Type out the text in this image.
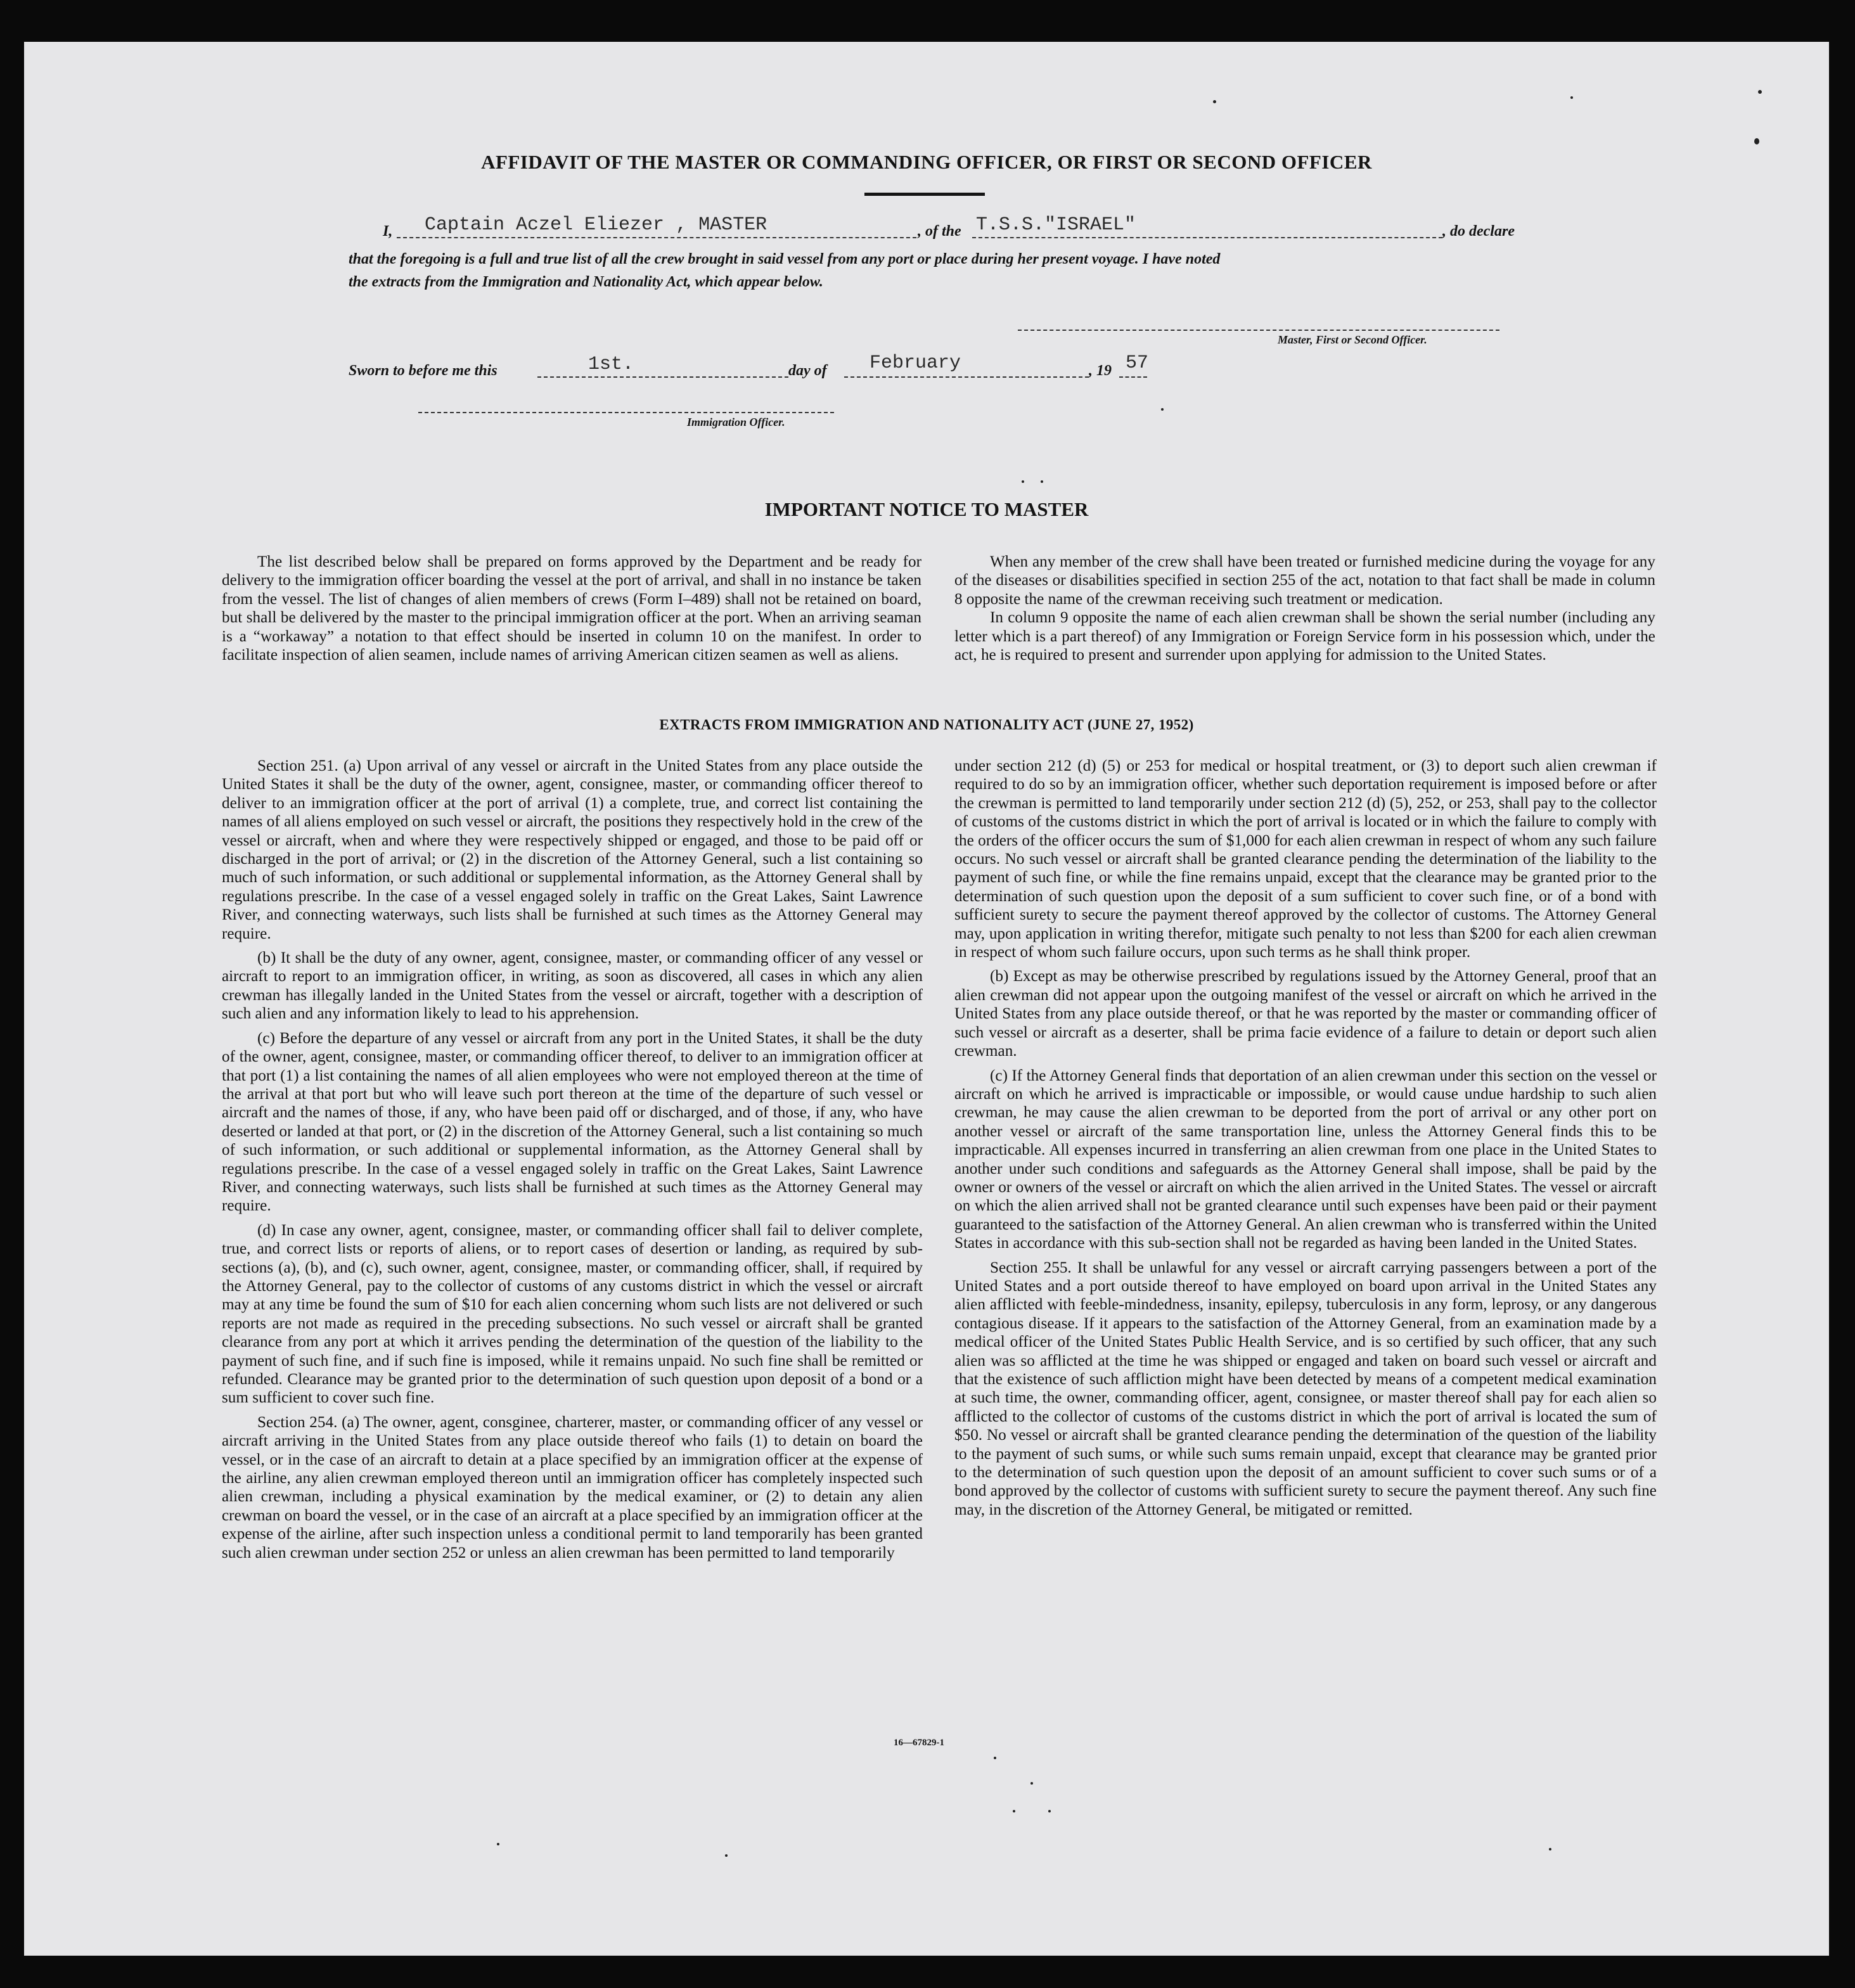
AFFIDAVIT OF THE MASTER OR COMMANDING OFFICER, OR FIRST OR SECOND OFFICER
I, Captain Aczel Eliezer , MASTER	, of the T.S.S."ISRAEL"	, do declare
that the foregoing is a full and true list of all the crew brought in said vessel from any port or place during her present voyage. I have noted
the extracts from the Immigration and Nationality Act, which appear below.
Master, First or Second Officer.
Sworn to before me this	1st.	day of February	, 19 57
Immigration Officer.
IMPORTANT NOTICE TO MASTER

The list described below shall be prepared on forms approved by the Department and be ready for delivery to the immigration officer boarding the vessel at the port of arrival, and shall in no instance be taken from the vessel. The list of changes of alien members of crews (Form I–489) shall not be retained on board, but shall be delivered by the master to the principal immigration officer at the port. When an arriving seaman is a “workaway” a notation to that effect should be inserted in column 10 on the manifest. In order to facilitate inspection of alien seamen, include names of arriving American citizen seamen as well as aliens.

When any member of the crew shall have been treated or furnished medicine during the voyage for any of the diseases or disabilities specified in section 255 of the act, notation to that fact shall be made in column 8 opposite the name of the crewman receiving such treatment or medication.

In column 9 opposite the name of each alien crewman shall be shown the serial number (including any letter which is a part thereof) of any Immigration or Foreign Service form in his possession which, under the act, he is required to present and surrender upon applying for admission to the United States.

EXTRACTS FROM IMMIGRATION AND NATIONALITY ACT (JUNE 27, 1952)

Section 251. (a) Upon arrival of any vessel or aircraft in the United States from any place outside the United States it shall be the duty of the owner, agent, consignee, master, or commanding officer thereof to deliver to an immigration officer at the port of arrival (1) a complete, true, and correct list containing the names of all aliens employed on such vessel or aircraft, the positions they respectively hold in the crew of the vessel or aircraft, when and where they were respectively shipped or engaged, and those to be paid off or discharged in the port of arrival; or (2) in the discretion of the Attorney General, such a list containing so much of such information, or such additional or supplemental information, as the Attorney General shall by regulations prescribe. In the case of a vessel engaged solely in traffic on the Great Lakes, Saint Lawrence River, and connecting waterways, such lists shall be furnished at such times as the Attorney General may require.

(b) It shall be the duty of any owner, agent, consignee, master, or commanding officer of any vessel or aircraft to report to an immigration officer, in writing, as soon as discovered, all cases in which any alien crewman has illegally landed in the United States from the vessel or aircraft, together with a description of such alien and any information likely to lead to his apprehension.

(c) Before the departure of any vessel or aircraft from any port in the United States, it shall be the duty of the owner, agent, consignee, master, or commanding officer thereof, to deliver to an immigration officer at that port (1) a list containing the names of all alien employees who were not employed thereon at the time of the arrival at that port but who will leave such port thereon at the time of the departure of such vessel or aircraft and the names of those, if any, who have been paid off or discharged, and of those, if any, who have deserted or landed at that port, or (2) in the discretion of the Attorney General, such a list containing so much of such information, or such additional or supplemental information, as the Attorney General shall by regulations prescribe. In the case of a vessel engaged solely in traffic on the Great Lakes, Saint Lawrence River, and connecting waterways, such lists shall be furnished at such times as the Attorney General may require.

(d) In case any owner, agent, consignee, master, or commanding officer shall fail to deliver complete, true, and correct lists or reports of aliens, or to report cases of desertion or landing, as required by sub-sections (a), (b), and (c), such owner, agent, consignee, master, or commanding officer, shall, if required by the Attorney General, pay to the collector of customs of any customs district in which the vessel or aircraft may at any time be found the sum of $10 for each alien concerning whom such lists are not delivered or such reports are not made as required in the preceding subsections. No such vessel or aircraft shall be granted clearance from any port at which it arrives pending the determination of the question of the liability to the payment of such fine, and if such fine is imposed, while it remains unpaid. No such fine shall be remitted or refunded. Clearance may be granted prior to the determination of such question upon deposit of a bond or a sum sufficient to cover such fine.

Section 254. (a) The owner, agent, consginee, charterer, master, or commanding officer of any vessel or aircraft arriving in the United States from any place outside thereof who fails (1) to detain on board the vessel, or in the case of an aircraft to detain at a place specified by an immigration officer at the expense of the airline, any alien crewman employed thereon until an immigration officer has completely inspected such alien crewman, including a physical examination by the medical examiner, or (2) to detain any alien crewman on board the vessel, or in the case of an aircraft at a place specified by an immigration officer at the expense of the airline, after such inspection unless a conditional permit to land temporarily has been granted such alien crewman under section 252 or unless an alien crewman has been permitted to land temporarily

under section 212 (d) (5) or 253 for medical or hospital treatment, or (3) to deport such alien crewman if required to do so by an immigration officer, whether such deportation requirement is imposed before or after the crewman is permitted to land temporarily under section 212 (d) (5), 252, or 253, shall pay to the collector of customs of the customs district in which the port of arrival is located or in which the failure to comply with the orders of the officer occurs the sum of $1,000 for each alien crewman in respect of whom any such failure occurs. No such vessel or aircraft shall be granted clearance pending the determination of the liability to the payment of such fine, or while the fine remains unpaid, except that the clearance may be granted prior to the determination of such question upon the deposit of a sum sufficient to cover such fine, or of a bond with sufficient surety to secure the payment thereof approved by the collector of customs. The Attorney General may, upon application in writing therefor, mitigate such penalty to not less than $200 for each alien crewman in respect of whom such failure occurs, upon such terms as he shall think proper.

(b) Except as may be otherwise prescribed by regulations issued by the Attorney General, proof that an alien crewman did not appear upon the outgoing manifest of the vessel or aircraft on which he arrived in the United States from any place outside thereof, or that he was reported by the master or commanding officer of such vessel or aircraft as a deserter, shall be prima facie evidence of a failure to detain or deport such alien crewman.

(c) If the Attorney General finds that deportation of an alien crewman under this section on the vessel or aircraft on which he arrived is impracticable or impossible, or would cause undue hardship to such alien crewman, he may cause the alien crewman to be deported from the port of arrival or any other port on another vessel or aircraft of the same transportation line, unless the Attorney General finds this to be impracticable. All expenses incurred in transferring an alien crewman from one place in the United States to another under such conditions and safeguards as the Attorney General shall impose, shall be paid by the owner or owners of the vessel or aircraft on which the alien arrived in the United States. The vessel or aircraft on which the alien arrived shall not be granted clearance until such expenses have been paid or their payment guaranteed to the satisfaction of the Attorney General. An alien crewman who is transferred within the United States in accordance with this sub-section shall not be regarded as having been landed in the United States.

Section 255. It shall be unlawful for any vessel or aircraft carrying passengers between a port of the United States and a port outside thereof to have employed on board upon arrival in the United States any alien afflicted with feeble-mindedness, insanity, epilepsy, tuberculosis in any form, leprosy, or any dangerous contagious disease. If it appears to the satisfaction of the Attorney General, from an examination made by a medical officer of the United States Public Health Service, and is so certified by such officer, that any such alien was so afflicted at the time he was shipped or engaged and taken on board such vessel or aircraft and that the existence of such affliction might have been detected by means of a competent medical examination at such time, the owner, commanding officer, agent, consignee, or master thereof shall pay for each alien so afflicted to the collector of customs of the customs district in which the port of arrival is located the sum of $50. No vessel or aircraft shall be granted clearance pending the determination of the question of the liability to the payment of such sums, or while such sums remain unpaid, except that clearance may be granted prior to the determination of such question upon the deposit of an amount sufficient to cover such sums or of a bond approved by the collector of customs with sufficient surety to secure the payment thereof. Any such fine may, in the discretion of the Attorney General, be mitigated or remitted.

16—67829-1
